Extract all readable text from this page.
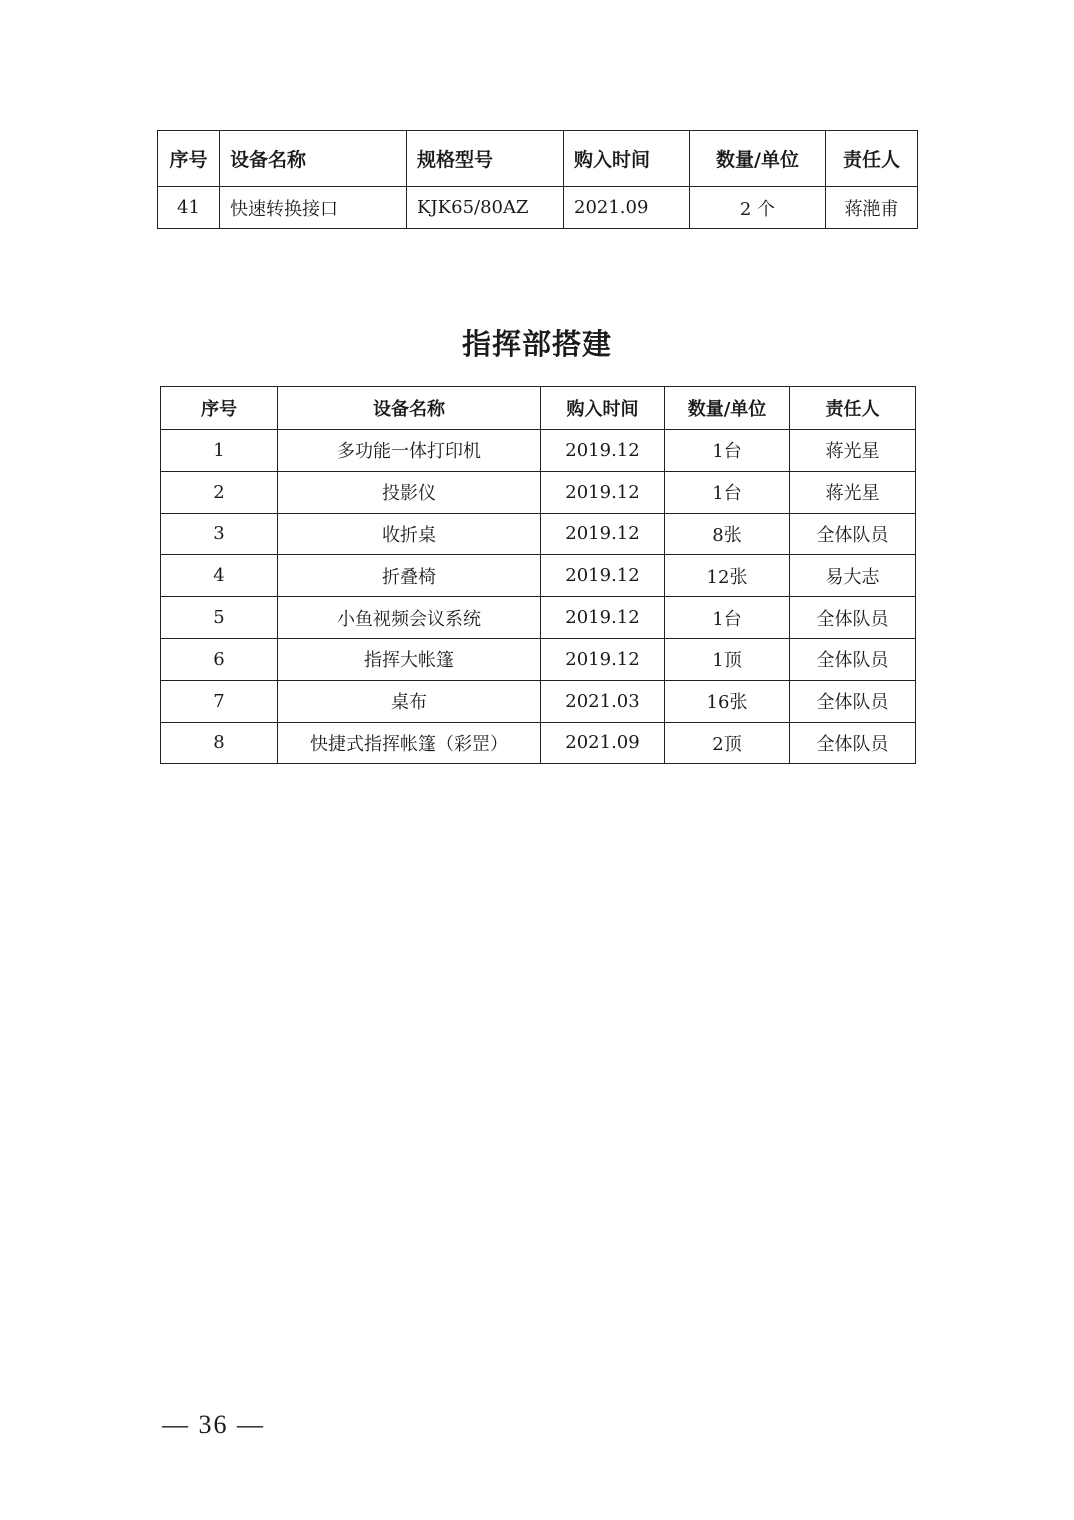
序号	设备名称	规格型号	购入时间	数量/单位	责任人
41	快速转换接口	KJK65/80AZ	2021.09	2 个	蒋滟甫
指挥部搭建
序号	设备名称	购入时间	数量/单位	责任人
1	多功能一体打印机	2019.12	1台	蒋光星
2	投影仪	2019.12	1台	蒋光星
3	收折桌	2019.12	8张	全体队员
4	折叠椅	2019.12	12张	易大志
5	小鱼视频会议系统	2019.12	1台	全体队员
6	指挥大帐篷	2019.12	1顶	全体队员
7	桌布	2021.03	16张	全体队员
8	快捷式指挥帐篷（彩罡）	2021.09	2顶	全体队员
— 36 —
